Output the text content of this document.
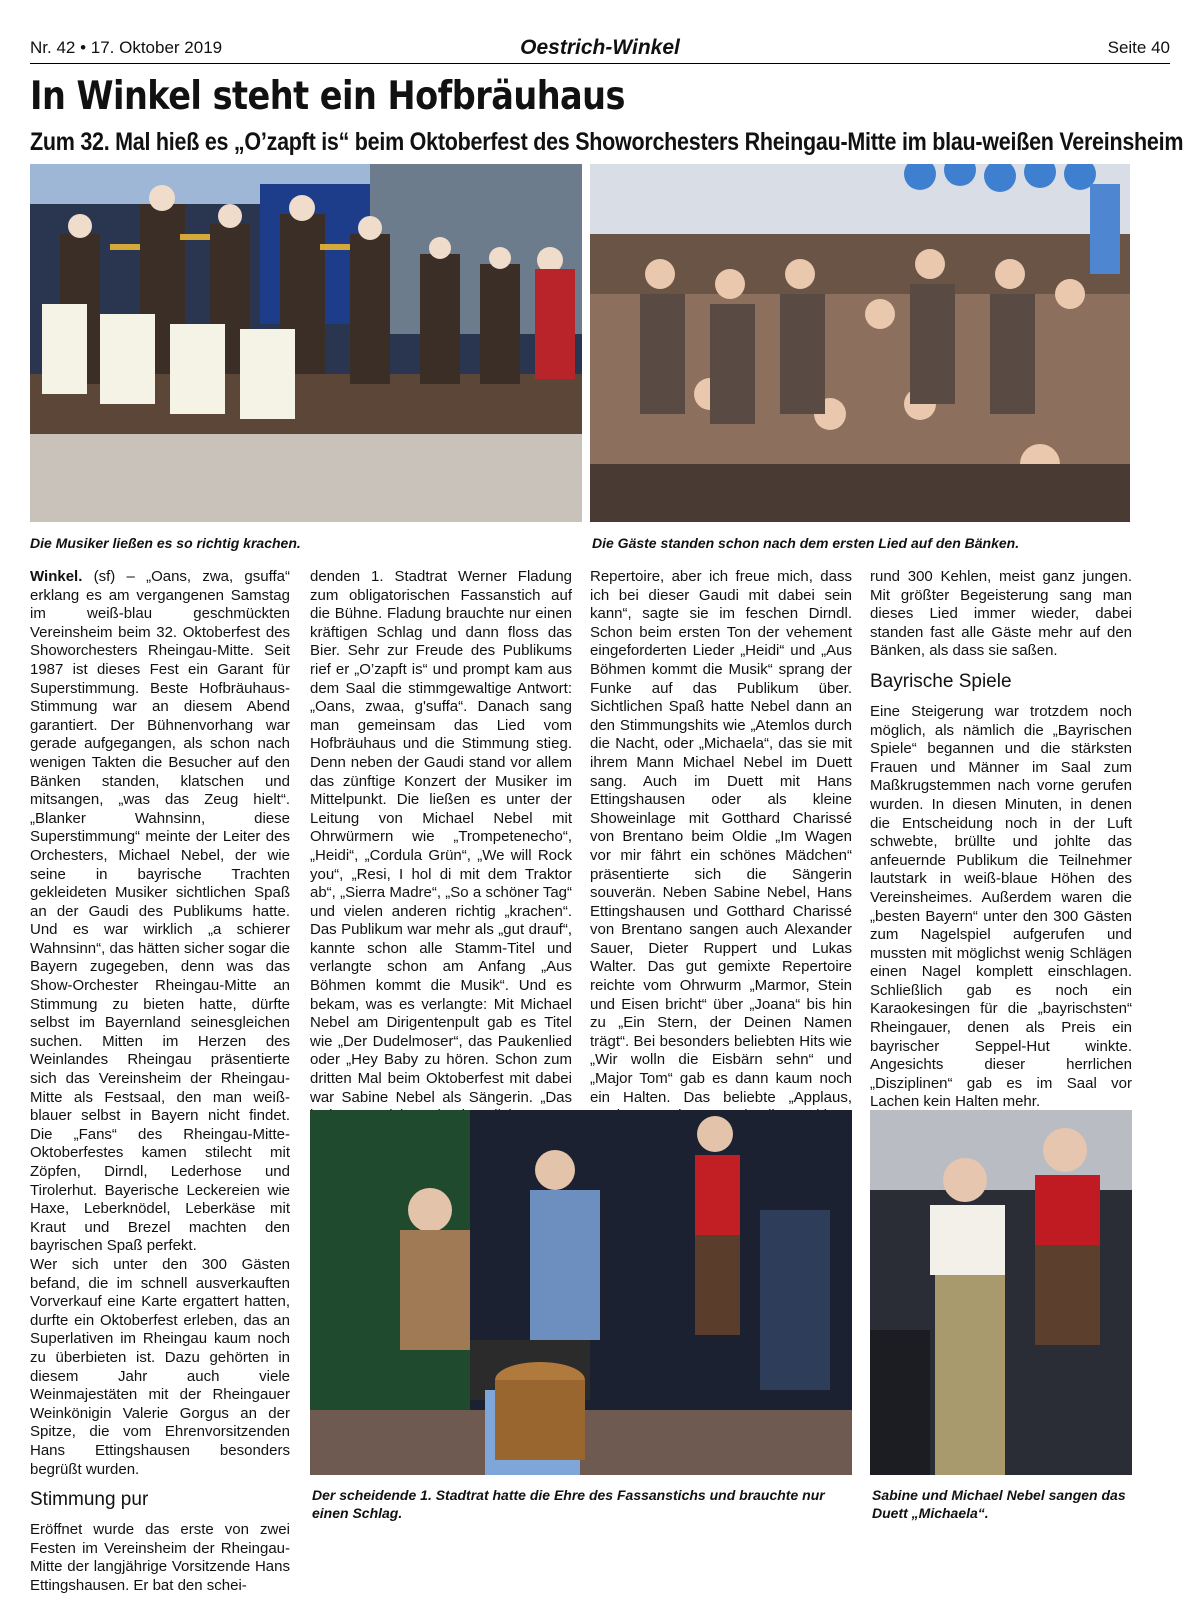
Nr. 42 • 17. Oktober 2019	Oestrich-Winkel	Seite 40
In Winkel steht ein Hofbräuhaus
Zum 32. Mal hieß es „O’zapft is“ beim Oktoberfest des Showorchesters Rheingau-Mitte im blau-weißen Vereinsheim
Die Musiker ließen es so richtig krachen.	Die Gäste standen schon nach dem ersten Lied auf den Bänken.

Winkel. (sf) – „Oans, zwa, gsuffa“ erklang es am vergangenen Samstag im weiß-blau geschmückten Vereinsheim beim 32. Oktoberfest des Showorchesters Rheingau-Mitte. Seit 1987 ist dieses Fest ein Garant für Superstimmung. Beste Hofbräuhaus-Stimmung war an diesem Abend garantiert. Der Bühnenvorhang war gerade aufgegangen, als schon nach wenigen Takten die Besucher auf den Bänken standen, klatschen und mitsangen, „was das Zeug hielt“. „Blanker Wahnsinn, diese Superstimmung“ meinte der Leiter des Orchesters, Michael Nebel, der wie seine in bayrische Trachten gekleideten Musiker sichtlichen Spaß an der Gaudi des Publikums hatte. Und es war wirklich „a schierer Wahnsinn“, das hätten sicher sogar die Bayern zugegeben, denn was das Show-Orchester Rheingau-Mitte an Stimmung zu bieten hatte, dürfte selbst im Bayernland seinesgleichen suchen. Mitten im Herzen des Weinlandes Rheingau präsentierte sich das Vereinsheim der Rheingau-Mitte als Festsaal, den man weiß-blauer selbst in Bayern nicht findet. Die „Fans“ des Rheingau-Mitte-Oktoberfestes kamen stilecht mit Zöpfen, Dirndl, Lederhose und Tirolerhut. Bayerische Leckereien wie Haxe, Leberknödel, Leberkäse mit Kraut und Brezel machten den bayrischen Spaß perfekt.

Wer sich unter den 300 Gästen befand, die im schnell ausverkauften Vorverkauf eine Karte ergattert hatten, durfte ein Oktoberfest erleben, das an Superlativen im Rheingau kaum noch zu überbieten ist. Dazu gehörten in diesem Jahr auch viele Weinmajestäten mit der Rheingauer Weinkönigin Valerie Gorgus an der Spitze, die vom Ehrenvorsitzenden Hans Ettingshausen besonders begrüßt wurden.

Stimmung pur

Eröffnet wurde das erste von zwei Festen im Vereinsheim der Rheingau-Mitte der langjährige Vorsitzende Hans Ettingshausen. Er bat den schei-

denden 1. Stadtrat Werner Fladung zum obligatorischen Fassanstich auf die Bühne. Fladung brauchte nur einen kräftigen Schlag und dann floss das Bier. Sehr zur Freude des Publikums rief er „O’zapft is“ und prompt kam aus dem Saal die stimmgewaltige Antwort: „Oans, zwaa, g'suffa“. Danach sang man gemeinsam das Lied vom Hofbräuhaus und die Stimmung stieg. Denn neben der Gaudi stand vor allem das zünftige Konzert der Musiker im Mittelpunkt. Die ließen es unter der Leitung von Michael Nebel mit Ohrwürmern wie „Trompetenecho“, „Heidi“, „Cordula Grün“, „We will Rock you“, „Resi, I hol di mit dem Traktor ab“, „Sierra Madre“, „So a schöner Tag“ und vielen anderen richtig „krachen“. Das Publikum war mehr als „gut drauf“, kannte schon alle Stamm-Titel und verlangte schon am Anfang „Aus Böhmen kommt die Musik“. Und es bekam, was es verlangte: Mit Michael Nebel am Dirigentenpult gab es Titel wie „Der Dudelmoser“, das Paukenlied oder „Hey Baby zu hören. Schon zum dritten Mal beim Oktoberfest mit dabei war Sabine Nebel als Sängerin. „Das

Repertoire, aber ich freue mich, dass ich bei dieser Gaudi mit dabei sein kann“, sagte sie im feschen Dirndl. Schon beim ersten Ton der vehement eingeforderten Lieder „Heidi“ und „Aus Böhmen kommt die Musik“ sprang der Funke auf das Publikum über. Sichtlichen Spaß hatte Nebel dann an den Stimmungshits wie „Atemlos durch die Nacht, oder „Michaela“, das sie mit ihrem Mann Michael Nebel im Duett sang. Auch im Duett mit Hans Ettingshausen oder als kleine Showeinlage mit Gotthard Charissé von Brentano beim Oldie „Im Wagen vor mir fährt ein schönes Mädchen“ präsentierte sich die Sängerin souverän. Neben Sabine Nebel, Hans Ettingshausen und Gotthard Charissé von Brentano sangen auch Alexander Sauer, Dieter Ruppert und Lukas Walter. Das gut gemixte Repertoire reichte vom Ohrwurm „Marmor, Stein und Eisen bricht“ über „Joana“ bis hin zu „Ein Stern, der Deinen Namen trägt“. Bei besonders beliebten Hits wie „Wir wolln die Eisbärn sehn“ und „Major Tom“ gab es dann kaum noch ein Halten. Das beliebte „Applaus,

rund 300 Kehlen, meist ganz jungen. Mit größter Begeisterung sang man dieses Lied immer wieder, dabei standen fast alle Gäste mehr auf den Bänken, als dass sie saßen.

Bayrische Spiele

Eine Steigerung war trotzdem noch möglich, als nämlich die „Bayrischen Spiele“ begannen und die stärksten Frauen und Männer im Saal zum Maßkrugstemmen nach vorne gerufen wurden. In diesen Minuten, in denen die Entscheidung noch in der Luft schwebte, brüllte und johlte das anfeuernde Publikum die Teilnehmer lautstark in weiß-blaue Höhen des Vereinsheimes. Außerdem waren die „besten Bayern“ unter den 300 Gästen zum Nagelspiel aufgerufen und mussten mit möglichst wenig Schlägen einen Nagel komplett einschlagen. Schließlich gab es noch ein Karaokesingen für die „bayrischsten“ Rheingauer, denen als Preis ein bayrischer Seppel-Hut winkte. Angesichts dieser herrlichen „Disziplinen“ gab es im Saal vor Lachen kein Halten mehr.

Der scheidende 1. Stadtrat hatte die Ehre des Fassanstichs und brauchte nur einen Schlag.
Sabine und Michael Nebel sangen das Duett „Michaela“.
